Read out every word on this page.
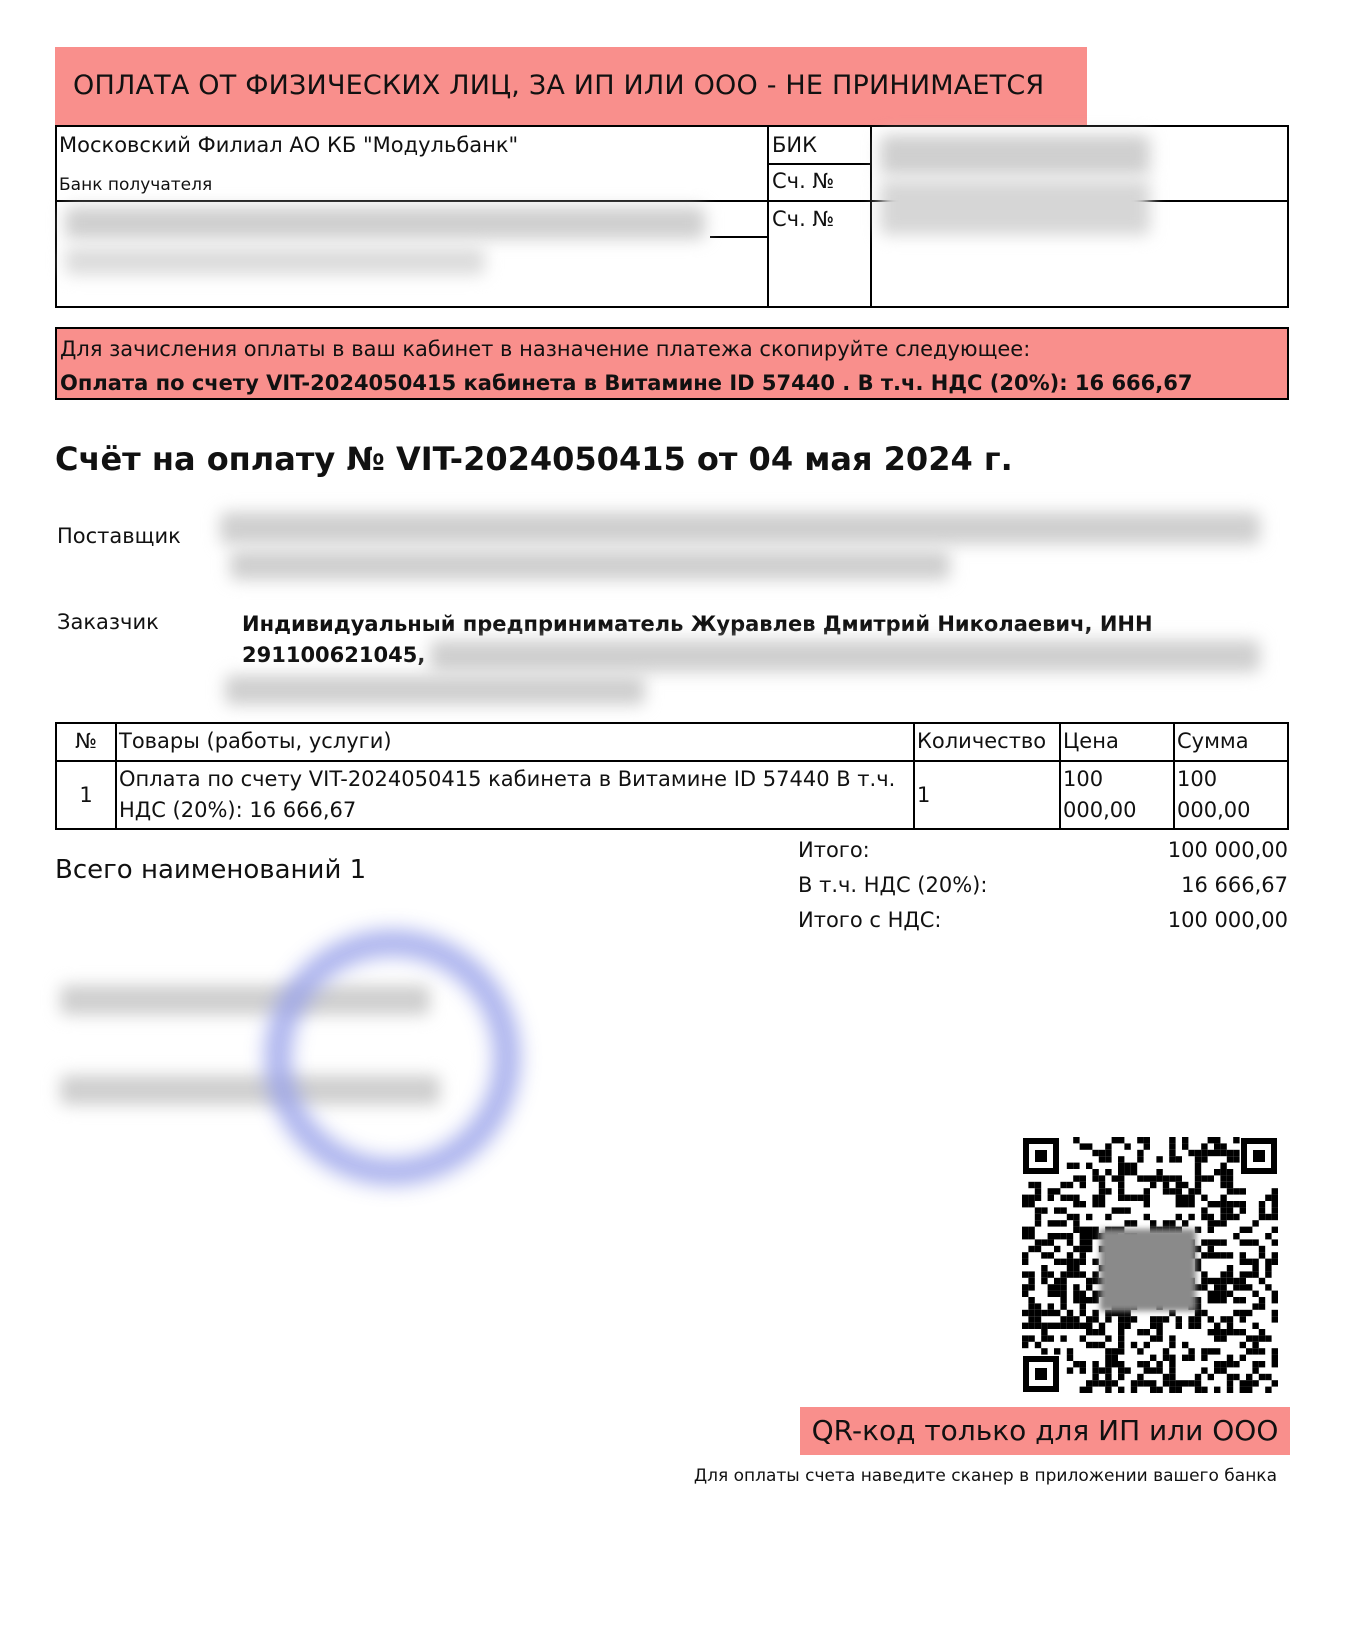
ОПЛАТА ОТ ФИЗИЧЕСКИХ ЛИЦ, ЗА ИП ИЛИ ООО - НЕ ПРИНИМАЕТСЯ
Московский Филиал АО КБ "Модульбанк"
Банк получателя
БИК
Сч. №
Сч. №
Для зачисления оплаты в ваш кабинет в назначение платежа скопируйте следующее:
Оплата по счету VIT-2024050415 кабинета в Витамине ID 57440 . В т.ч. НДС (20%): 16 666,67
Счёт на оплату № VIT-2024050415 от 04 мая 2024 г.
Поставщик
Заказчик	Индивидуальный предприниматель Журавлев Дмитрий Николаевич, ИНН
291100621045,
№	Товары (работы, услуги)	Количество	Цена	Сумма
1	Оплата по счету VIT-2024050415 кабинета в Витамине ID 57440 В т.ч. НДС (20%): 16 666,67	1	100 000,00	100 000,00
Итого:	100 000,00
В т.ч. НДС (20%):	16 666,67
Итого с НДС:	100 000,00
Всего наименований 1
QR-код только для ИП или ООО
Для оплаты счета наведите сканер в приложении вашего банка
